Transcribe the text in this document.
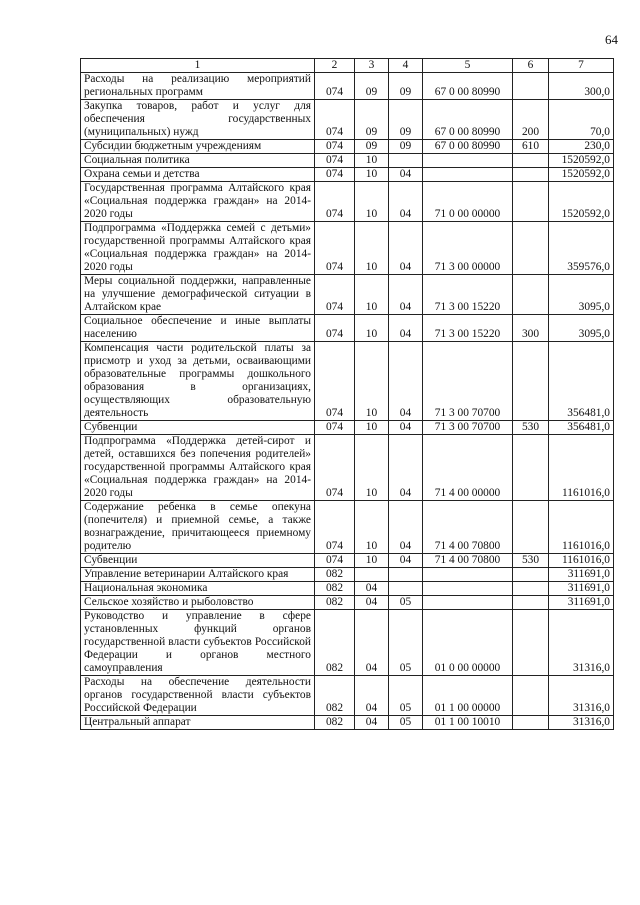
64
1	2	3	4	5	6	7
Расходы на реализацию мероприятий региональных программ	074	09	09	67 0 00 80990		300,0
Закупка товаров, работ и услуг для обеспечения государственных (муниципальных) нужд	074	09	09	67 0 00 80990	200	70,0
Субсидии бюджетным учреждениям	074	09	09	67 0 00 80990	610	230,0
Социальная политика	074	10				1520592,0
Охрана семьи и детства	074	10	04			1520592,0
Государственная программа Алтайского края «Социальная поддержка граждан» на 2014-2020 годы	074	10	04	71 0 00 00000		1520592,0
Подпрограмма «Поддержка семей с детьми» государственной программы Алтайского края «Социальная поддержка граждан» на 2014-2020 годы	074	10	04	71 3 00 00000		359576,0
Меры социальной поддержки, направленные на улучшение демографической ситуации в Алтайском крае	074	10	04	71 3 00 15220		3095,0
Социальное обеспечение и иные выплаты населению	074	10	04	71 3 00 15220	300	3095,0
Компенсация части родительской платы за присмотр и уход за детьми, осваивающими образовательные программы дошкольного образования в организациях, осуществляющих образовательную деятельность	074	10	04	71 3 00 70700		356481,0
Субвенции	074	10	04	71 3 00 70700	530	356481,0
Подпрограмма «Поддержка детей-сирот и детей, оставшихся без попечения родителей» государственной программы Алтайского края «Социальная поддержка граждан» на 2014-2020 годы	074	10	04	71 4 00 00000		1161016,0
Содержание ребенка в семье опекуна (попечителя) и приемной семье, а также вознаграждение, причитающееся приемному родителю	074	10	04	71 4 00 70800		1161016,0
Субвенции	074	10	04	71 4 00 70800	530	1161016,0
Управление ветеринарии Алтайского края	082					311691,0
Национальная экономика	082	04				311691,0
Сельское хозяйство и рыболовство	082	04	05			311691,0
Руководство и управление в сфере установленных функций органов государственной власти субъектов Российской Федерации и органов местного самоуправления	082	04	05	01 0 00 00000		31316,0
Расходы на обеспечение деятельности органов государственной власти субъектов Российской Федерации	082	04	05	01 1 00 00000		31316,0
Центральный аппарат	082	04	05	01 1 00 10010		31316,0
